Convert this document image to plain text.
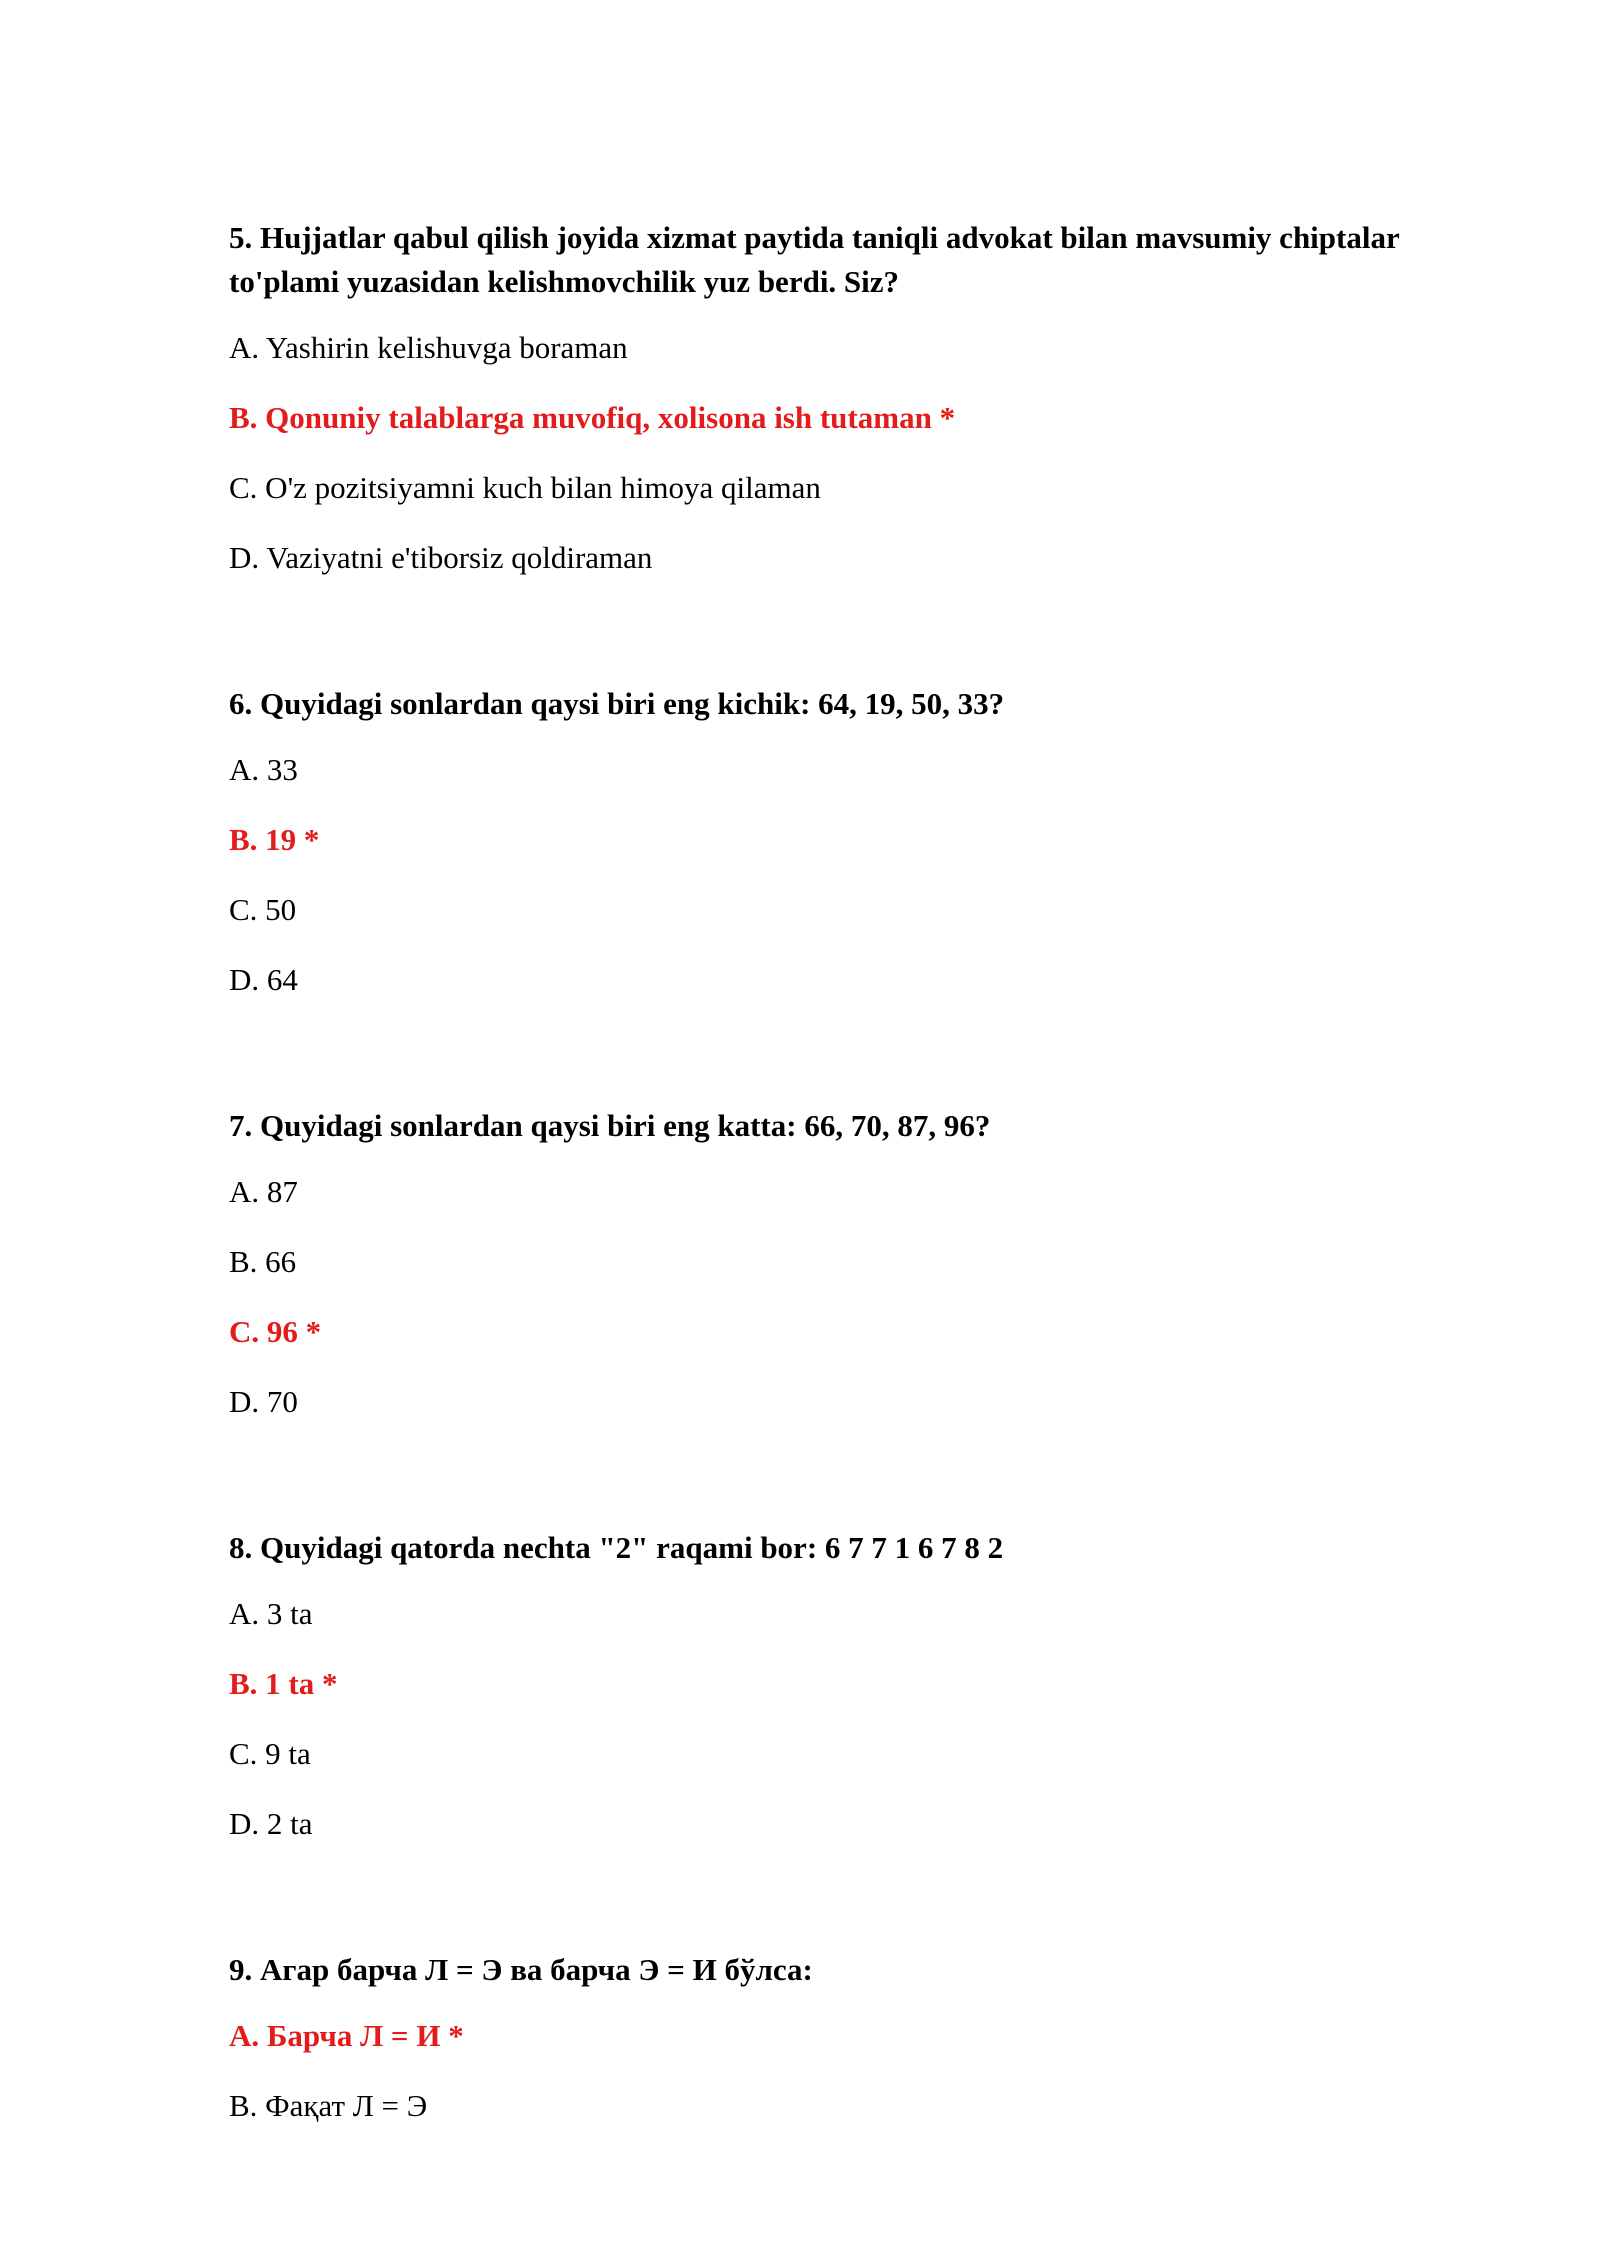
5. Hujjatlar qabul qilish joyida xizmat paytida taniqli advokat bilan mavsumiy chiptalar to'plami yuzasidan kelishmovchilik yuz berdi. Siz?
A. Yashirin kelishuvga boraman
B. Qonuniy talablarga muvofiq, xolisona ish tutaman *
C. O'z pozitsiyamni kuch bilan himoya qilaman
D. Vaziyatni e'tiborsiz qoldiraman
6. Quyidagi sonlardan qaysi biri eng kichik: 64, 19, 50, 33?
A. 33
B. 19 *
C. 50
D. 64
7. Quyidagi sonlardan qaysi biri eng katta: 66, 70, 87, 96?
A. 87
B. 66
C. 96 *
D. 70
8. Quyidagi qatorda nechta "2" raqami bor: 6 7 7 1 6 7 8 2
A. 3 ta
B. 1 ta *
C. 9 ta
D. 2 ta
9. Агар барча Л = Э ва барча Э = И бўлса:
A. Барча Л = И *
B. Фақат Л = Э
